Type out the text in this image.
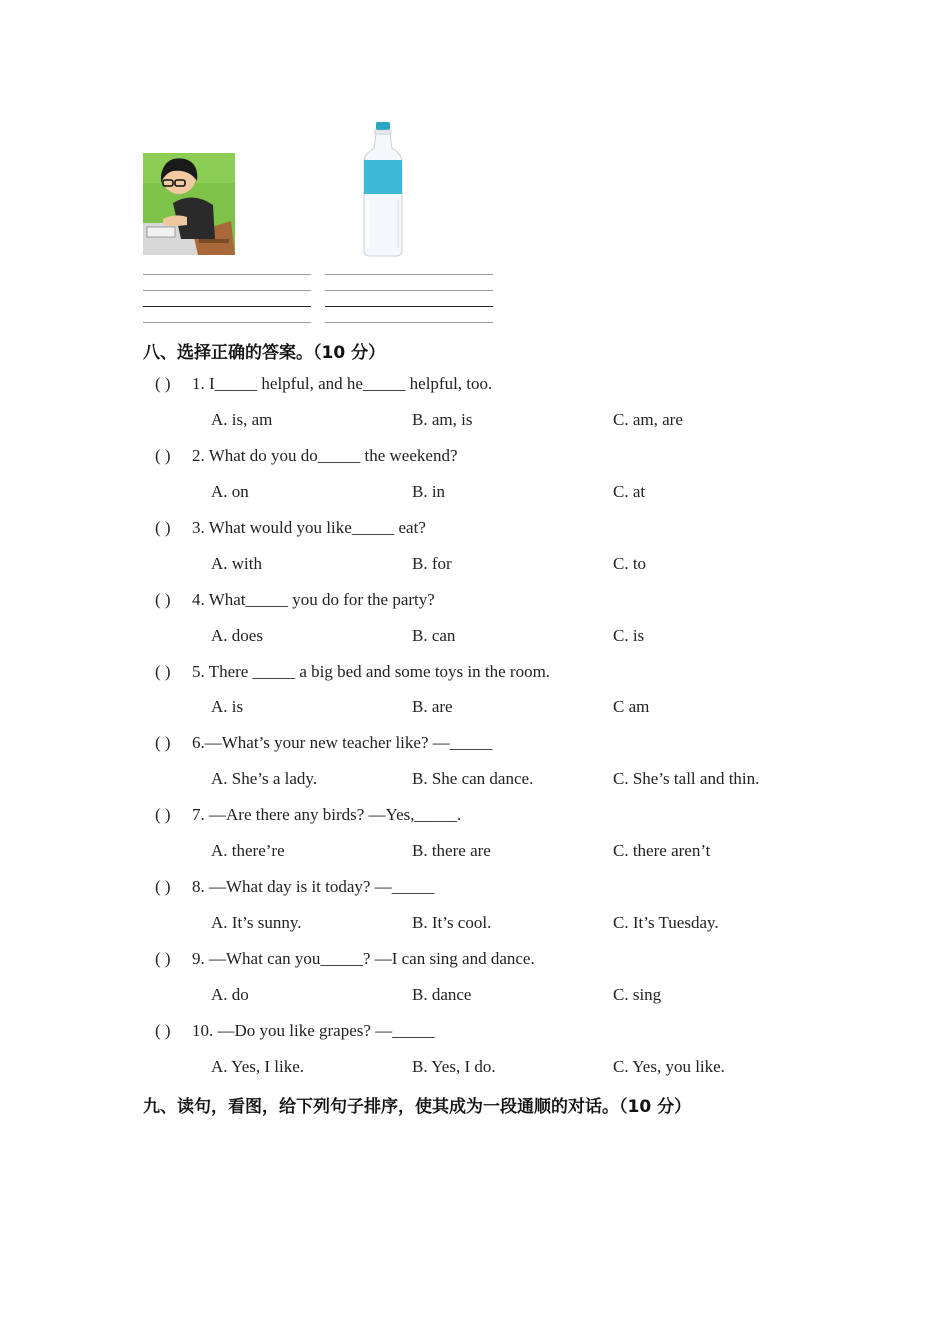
八、选择正确的答案。（10 分）
( ) 1. I_____ helpful, and he_____ helpful, too.
A. is, am	B. am, is	C. am, are
( ) 2. What do you do_____ the weekend?
A. on	B. in	C. at
( ) 3. What would you like_____ eat?
A. with	B. for	C. to
( ) 4. What_____ you do for the party?
A. does	B. can	C. is
( ) 5. There _____ a big bed and some toys in the room.
A. is	B. are	C am
( ) 6.—What’s your new teacher like? —_____
A. She’s a lady.	B. She can dance.	C. She’s tall and thin.
( ) 7. —Are there any birds? —Yes,_____.
A. there’re	B. there are	C. there aren’t
( ) 8. —What day is it today? —_____
A. It’s sunny.	B. It’s cool.	C. It’s Tuesday.
( ) 9. —What can you_____? —I can sing and dance.
A. do	B. dance	C. sing
( ) 10. —Do you like grapes? —_____
A. Yes, I like.	B. Yes, I do.	C. Yes, you like.
九、读句，看图，给下列句子排序，使其成为一段通顺的对话。（10 分）
